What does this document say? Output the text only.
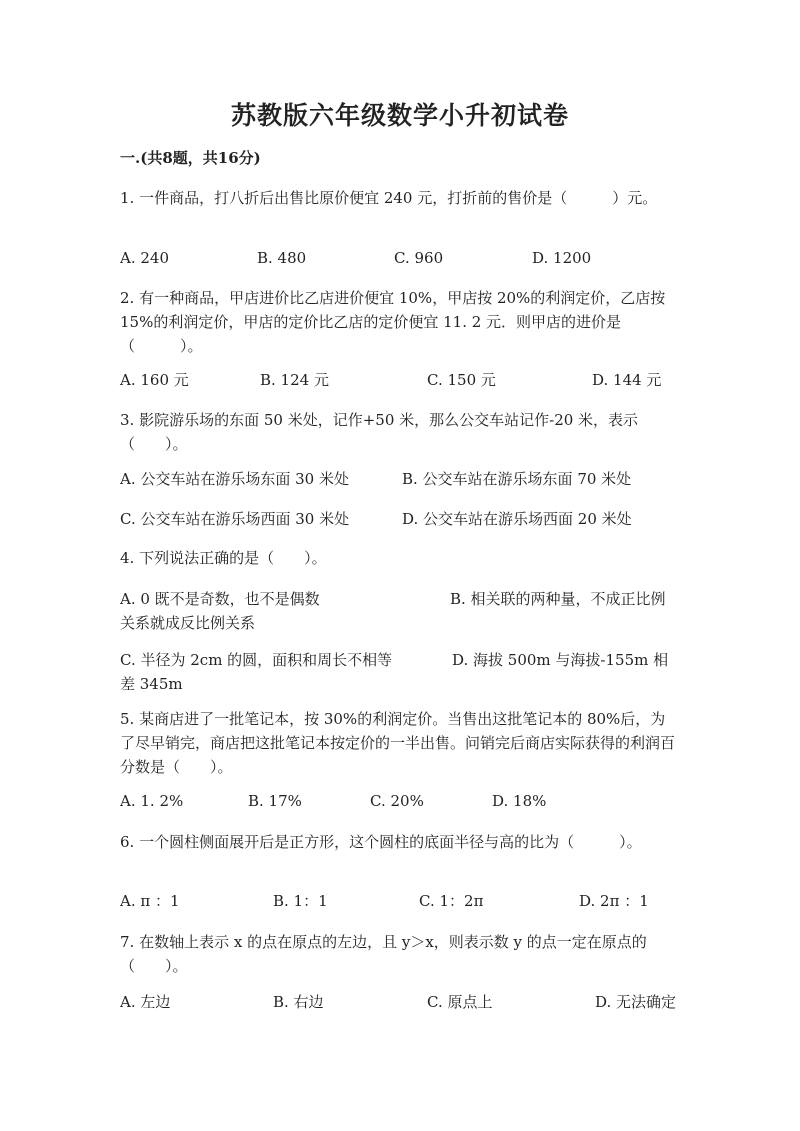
苏教版六年级数学小升初试卷
一.(共8题，共16分)
1. 一件商品，打八折后出售比原价便宜 240 元，打折前的售价是（　　　）元。
A. 240	B. 480	C. 960	D. 1200
2. 有一种商品，甲店进价比乙店进价便宜 10%，甲店按 20%的利润定价，乙店按 15%的利润定价，甲店的定价比乙店的定价便宜 11. 2 元．则甲店的进价是（　　　）。
A. 160 元	B. 124 元	C. 150 元	D. 144 元
3. 影院游乐场的东面 50 米处，记作+50 米，那么公交车站记作-20 米，表示（　　）。
A. 公交车站在游乐场东面 30 米处	B. 公交车站在游乐场东面 70 米处
C. 公交车站在游乐场西面 30 米处	D. 公交车站在游乐场西面 20 米处
4. 下列说法正确的是（　　）。
A. 0 既不是奇数，也不是偶数	B. 相关联的两种量，不成正比例关系就成反比例关系
C. 半径为 2cm 的圆，面积和周长不相等	D. 海拔 500m 与海拔-155m 相差 345m
5. 某商店进了一批笔记本，按 30%的利润定价。当售出这批笔记本的 80%后，为了尽早销完，商店把这批笔记本按定价的一半出售。问销完后商店实际获得的利润百分数是（　　）。
A. 1. 2%	B. 17%	C. 20%	D. 18%
6. 一个圆柱侧面展开后是正方形，这个圆柱的底面半径与高的比为（　　　）。
A. π ：1	B. 1：1	C. 1：2π	D. 2π ：1
7. 在数轴上表示 x 的点在原点的左边，且 y＞x，则表示数 y 的点一定在原点的（　　）。
A. 左边	B. 右边	C. 原点上	D. 无法确定
